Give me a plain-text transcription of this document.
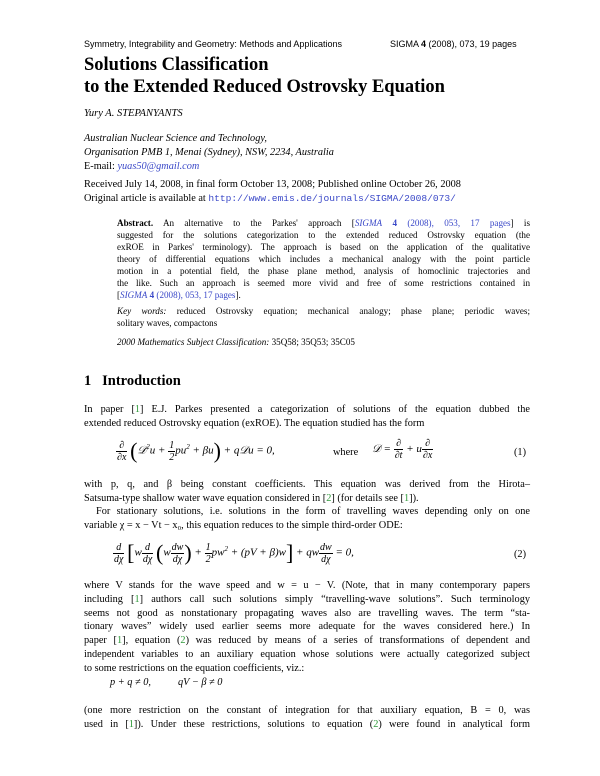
Symmetry, Integrability and Geometry: Methods and Applications	SIGMA 4 (2008), 073, 19 pages
Solutions Classification
to the Extended Reduced Ostrovsky Equation
Yury A. STEPANYANTS
Australian Nuclear Science and Technology,
Organisation PMB 1, Menai (Sydney), NSW, 2234, Australia
E-mail: yuas50@gmail.com
Received July 14, 2008, in final form October 13, 2008; Published online October 26, 2008
Original article is available at http://www.emis.de/journals/SIGMA/2008/073/
Abstract. An alternative to the Parkes' approach [SIGMA 4 (2008), 053, 17 pages] is
suggested for the solutions categorization to the extended reduced Ostrovsky equation (the
exROE in Parkes' terminology). The approach is based on the application of the qualitative
theory of differential equations which includes a mechanical analogy with the point particle
motion in a potential field, the phase plane method, analysis of homoclinic trajectories and
the like. Such an approach is seemed more vivid and free of some restrictions contained in
[SIGMA 4 (2008), 053, 17 pages].
Key words: reduced Ostrovsky equation; mechanical analogy; phase plane; periodic waves;
solitary waves, compactons
2000 Mathematics Subject Classification: 35Q58; 35Q53; 35C05
1 Introduction
In paper [1] E.J. Parkes presented a categorization of solutions of the equation dubbed the
extended reduced Ostrovsky equation (exROE). The equation studied has the form
$\frac{\partial}{\partial x}$ (𝒟$^2$u + $\frac{1}{2} pu^2 + \beta u$) + q𝒟u = 0,	where 𝒟 = $\frac{\partial}{\partial t} + u \frac{\partial}{\partial x}$	(1)
with p, q, and β being constant coefficients. This equation was derived from the Hirota–
Satsuma-type shallow water wave equation considered in [2] (for details see [1]).
For stationary solutions, i.e. solutions in the form of travelling waves depending only on one
variable χ = x − Vt − x₀, this equation reduces to the simple third-order ODE:
$\frac{d}{d\chi} [w \frac{d}{d\chi} (w \frac{dw}{d\chi}$ ) + $\frac{1}{2} pw^2 + (pV + \beta)w$] + qw $\frac{dw}{d\chi} = 0$,	(2)
where V stands for the wave speed and w = u − V. (Note, that in many contemporary papers
including [1] authors call such solutions simply “travelling-wave solutions”. Such terminology
seems not good as nonstationary propagating waves also are travelling waves. The term “sta-
tionary waves” widely used earlier seems more adequate for the waves considered here.) In
paper [1], equation (2) was reduced by means of a series of transformations of dependent and
independent variables to an auxiliary equation whose solutions were actually categorized subject
to some restrictions on the equation coefficients, viz.:
p + q ≠ 0,	qV − β ≠ 0
(one more restriction on the constant of integration for that auxiliary equation, B = 0, was
used in [1]). Under these restrictions, solutions to equation (2) were found in analytical form
